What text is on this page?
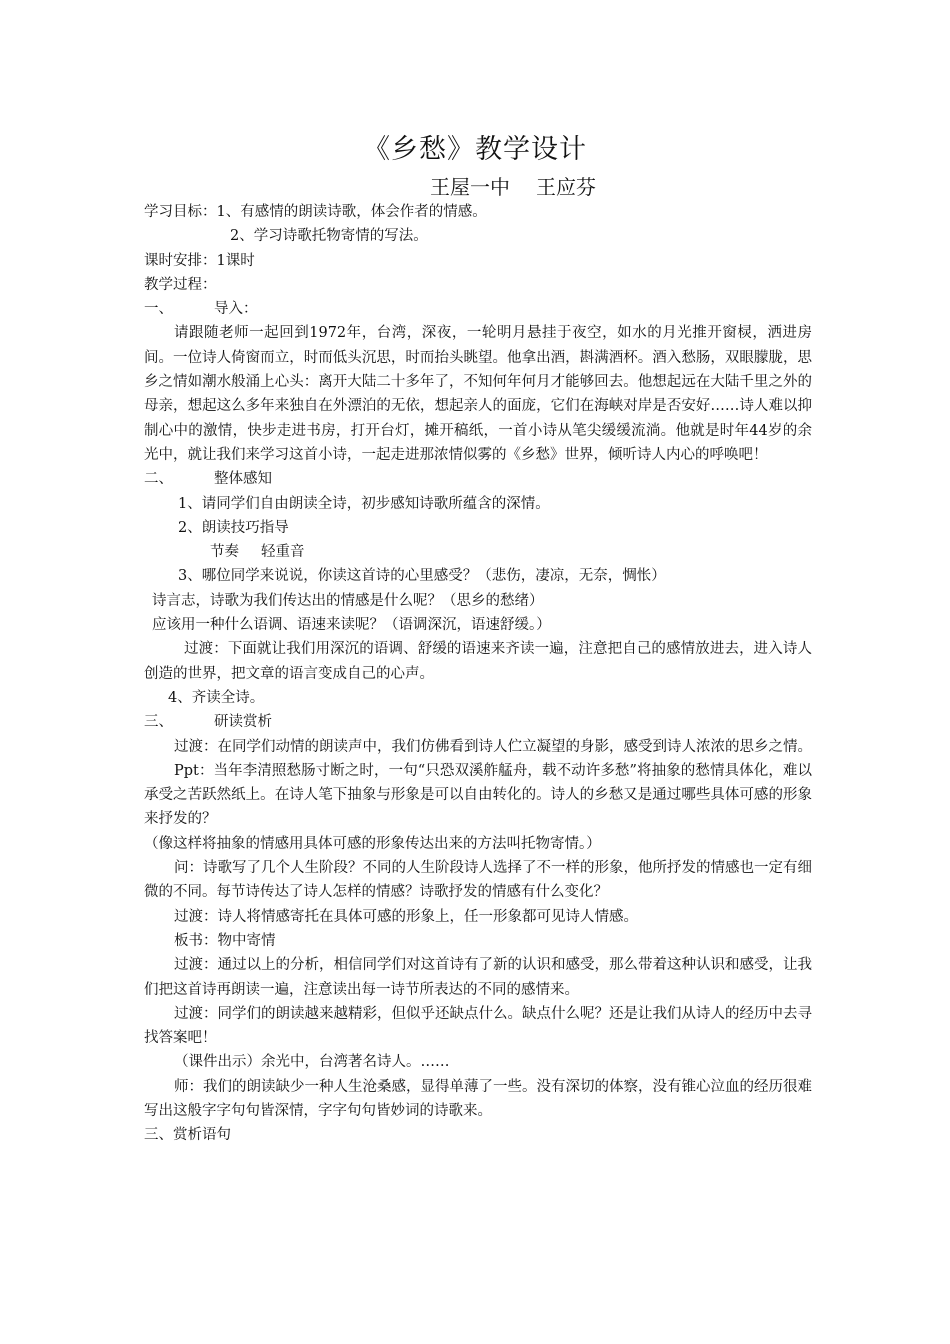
《乡愁》教学设计
王屋一中 王应芬

学习目标：1、有感情的朗读诗歌，体会作者的情感。

2、学习诗歌托物寄情的写法。

课时安排：1课时

教学过程：

一、	导入：

请跟随老师一起回到1972年，台湾，深夜，一轮明月悬挂于夜空，如水的月光推开窗棂，洒进房间。一位诗人倚窗而立，时而低头沉思，时而抬头眺望。他拿出酒，斟满酒杯。酒入愁肠，双眼朦胧，思乡之情如潮水般涌上心头：离开大陆二十多年了，不知何年何月才能够回去。他想起远在大陆千里之外的母亲，想起这么多年来独自在外漂泊的无依，想起亲人的面庞，它们在海峡对岸是否安好……诗人难以抑制心中的激情，快步走进书房，打开台灯，摊开稿纸，一首小诗从笔尖缓缓流淌。他就是时年44岁的余光中，就让我们来学习这首小诗，一起走进那浓情似雾的《乡愁》世界，倾听诗人内心的呼唤吧！

二、	整体感知

1、请同学们自由朗读全诗，初步感知诗歌所蕴含的深情。

2、朗读技巧指导

节奏 轻重音

3、哪位同学来说说，你读这首诗的心里感受？（悲伤，凄凉，无奈，惆怅）

诗言志，诗歌为我们传达出的情感是什么呢？（思乡的愁绪）

应该用一种什么语调、语速来读呢？（语调深沉，语速舒缓。）

过渡：下面就让我们用深沉的语调、舒缓的语速来齐读一遍，注意把自己的感情放进去，进入诗人创造的世界，把文章的语言变成自己的心声。

4、齐读全诗。

三、	研读赏析

过渡：在同学们动情的朗读声中，我们仿佛看到诗人伫立凝望的身影，感受到诗人浓浓的思乡之情。

Ppt：当年李清照愁肠寸断之时，一句“只恐双溪舴艋舟，载不动许多愁”将抽象的愁情具体化，难以承受之苦跃然纸上。在诗人笔下抽象与形象是可以自由转化的。诗人的乡愁又是通过哪些具体可感的形象来抒发的？

（像这样将抽象的情感用具体可感的形象传达出来的方法叫托物寄情。）

问：诗歌写了几个人生阶段？不同的人生阶段诗人选择了不一样的形象，他所抒发的情感也一定有细微的不同。每节诗传达了诗人怎样的情感？诗歌抒发的情感有什么变化？

过渡：诗人将情感寄托在具体可感的形象上，任一形象都可见诗人情感。

板书：物中寄情

过渡：通过以上的分析，相信同学们对这首诗有了新的认识和感受，那么带着这种认识和感受，让我们把这首诗再朗读一遍，注意读出每一诗节所表达的不同的感情来。

过渡：同学们的朗读越来越精彩，但似乎还缺点什么。缺点什么呢？还是让我们从诗人的经历中去寻找答案吧！

（课件出示）余光中，台湾著名诗人。……

师：我们的朗读缺少一种人生沧桑感，显得单薄了一些。没有深切的体察，没有锥心泣血的经历很难写出这般字字句句皆深情，字字句句皆妙词的诗歌来。

三、赏析语句
